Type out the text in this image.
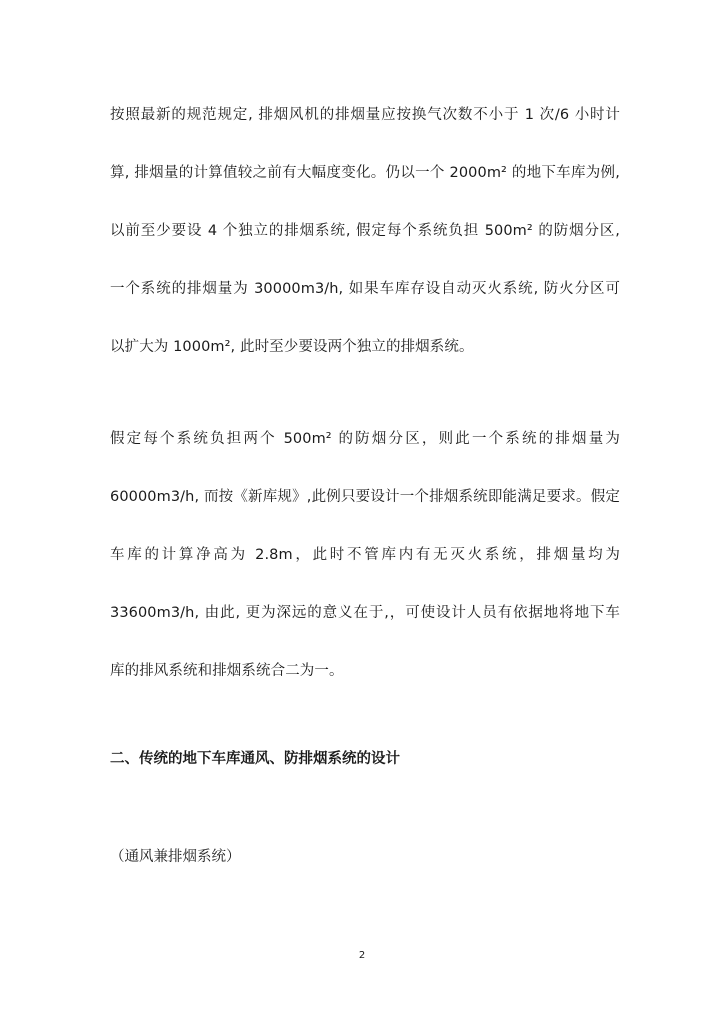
按照最新的规范规定, 排烟风机的排烟量应按换气次数不小于 1 次/6 小时计
算, 排烟量的计算值较之前有大幅度变化。仍以一个 2000m² 的地下车库为例,
以前至少要设 4 个独立的排烟系统, 假定每个系统负担 500m² 的防烟分区,
一个系统的排烟量为 30000m3/h, 如果车库存设自动灭火系统, 防火分区可
以扩大为 1000m², 此时至少要设两个独立的排烟系统。
假定每个系统负担两个 500m² 的防烟分区，则此一个系统的排烟量为
60000m3/h, 而按《新库规》,此例只要设计一个排烟系统即能满足要求。假定
车库的计算净高为 2.8m，此时不管库内有无灭火系统，排烟量均为
33600m3/h, 由此, 更为深远的意义在于,，可使设计人员有依据地将地下车
库的排风系统和排烟系统合二为一。
二、传统的地下车库通风、防排烟系统的设计
（通风兼排烟系统）
2
